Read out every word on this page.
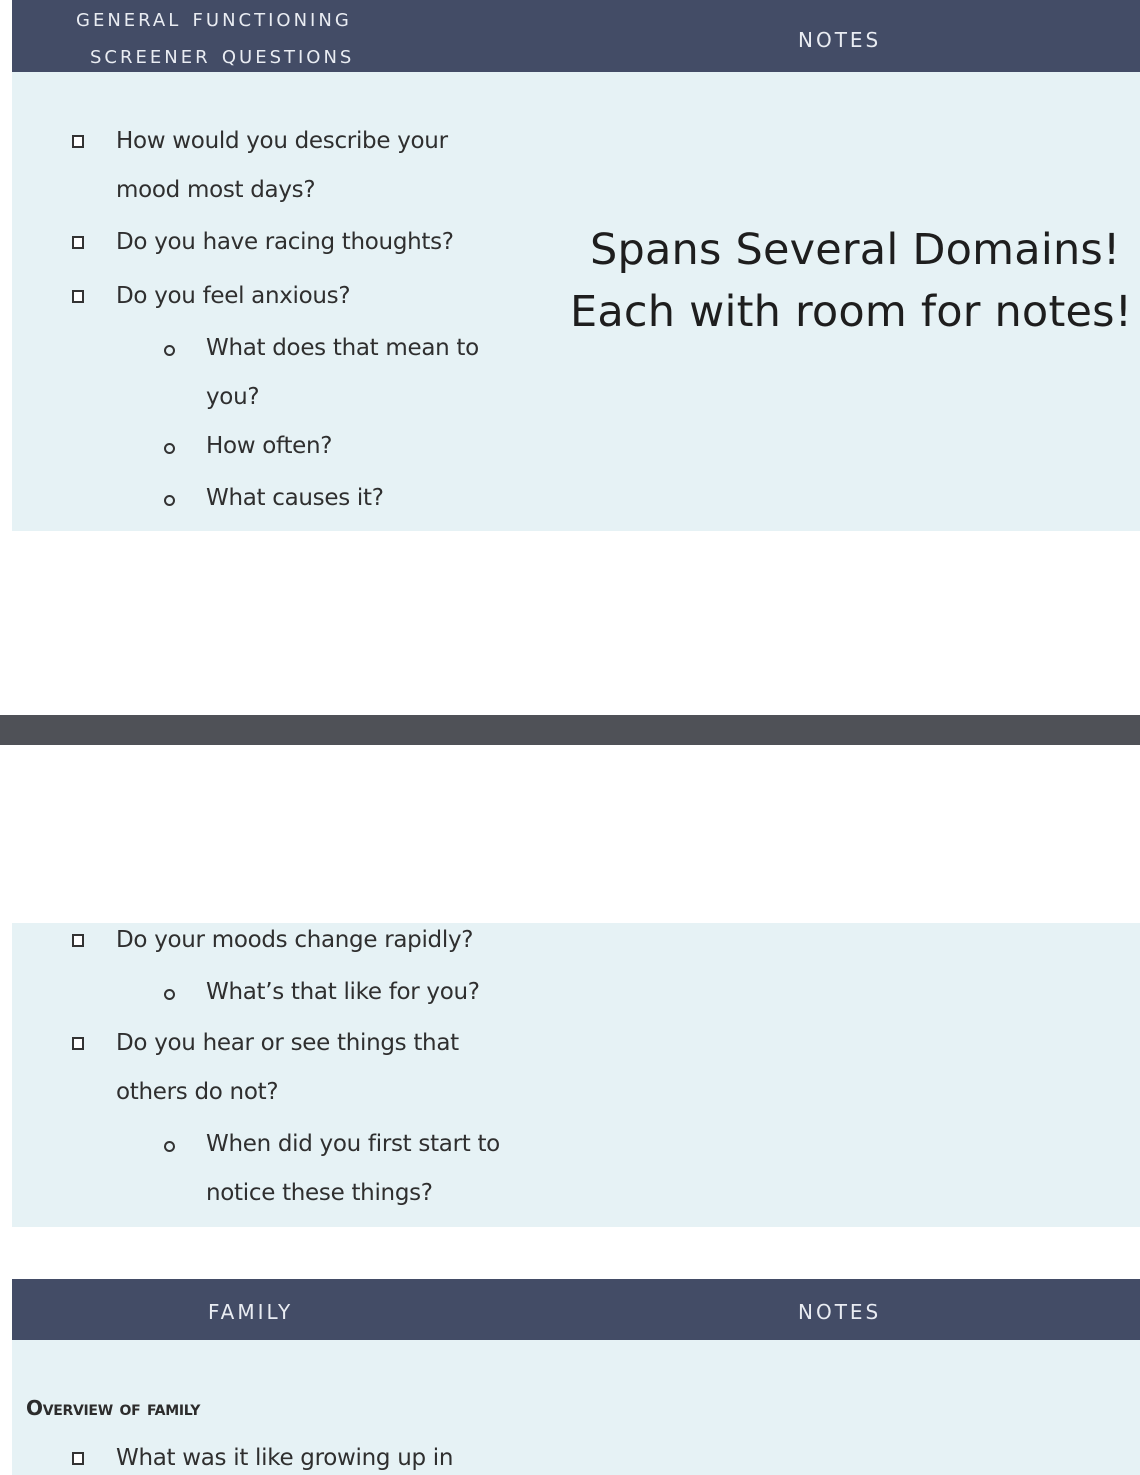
general functioning
screener questions
notes
How would you describe your
mood most days?
Do you have racing thoughts?
Do you feel anxious?
What does that mean to
you?
How often?
What causes it?
Spans Several Domains!
Each with room for notes!
Do your moods change rapidly?
What’s that like for you?
Do you hear or see things that
others do not?
When did you first start to
notice these things?
family	notes
Overview of family
What was it like growing up in
